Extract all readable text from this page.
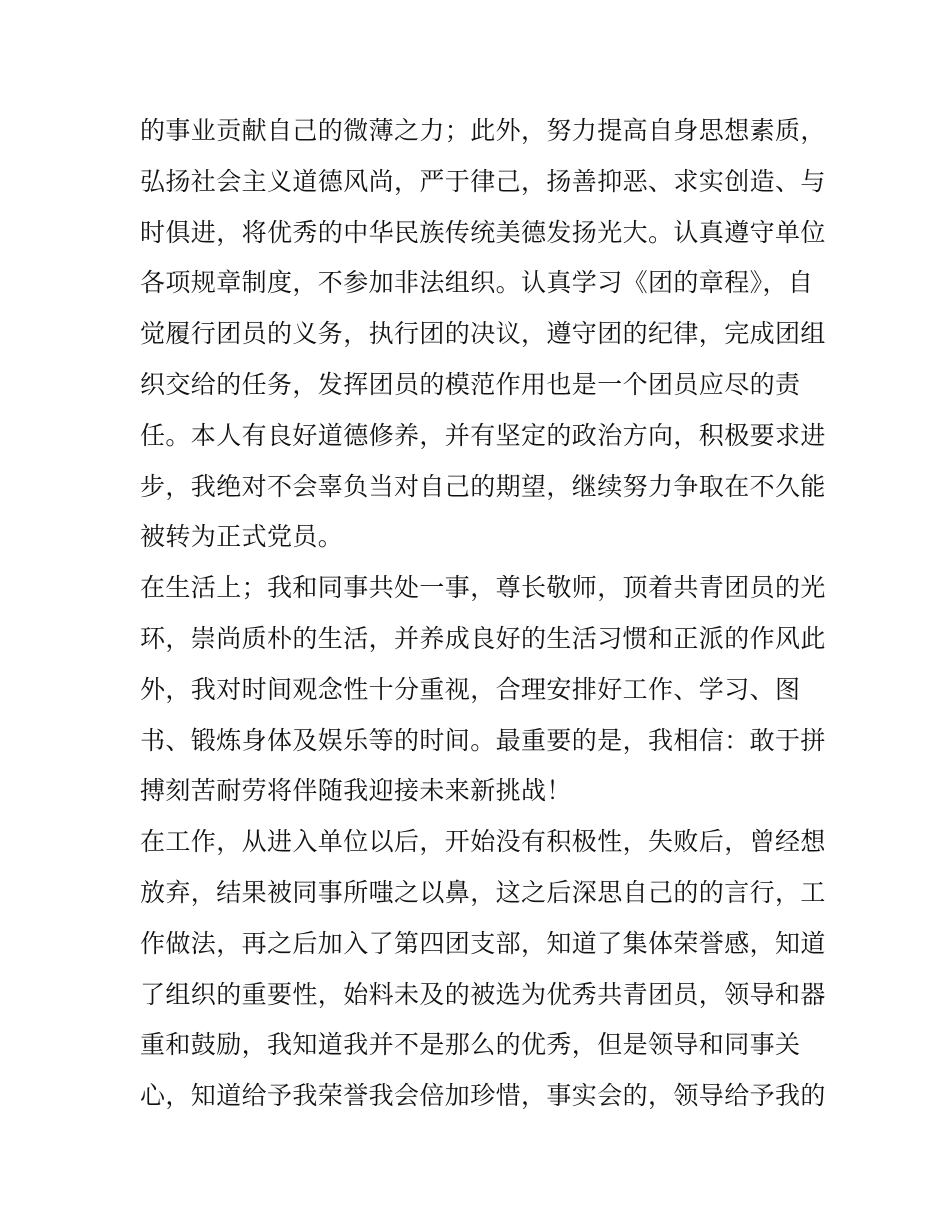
的事业贡献自己的微薄之力；此外，努力提高自身思想素质，
弘扬社会主义道德风尚，严于律己，扬善抑恶、求实创造、与
时俱进，将优秀的中华民族传统美德发扬光大。认真遵守单位
各项规章制度，不参加非法组织。认真学习《团的章程》，自
觉履行团员的义务，执行团的决议，遵守团的纪律，完成团组
织交给的任务，发挥团员的模范作用也是一个团员应尽的责
任。本人有良好道德修养，并有坚定的政治方向，积极要求进
步，我绝对不会辜负当对自己的期望，继续努力争取在不久能
被转为正式党员。
在生活上；我和同事共处一事，尊长敬师，顶着共青团员的光
环，崇尚质朴的生活，并养成良好的生活习惯和正派的作风此
外，我对时间观念性十分重视，合理安排好工作、学习、图
书、锻炼身体及娱乐等的时间。最重要的是，我相信：敢于拼
搏刻苦耐劳将伴随我迎接未来新挑战！
在工作，从进入单位以后，开始没有积极性，失败后，曾经想
放弃，结果被同事所嗤之以鼻，这之后深思自己的的言行，工
作做法，再之后加入了第四团支部，知道了集体荣誉感，知道
了组织的重要性，始料未及的被选为优秀共青团员，领导和器
重和鼓励，我知道我并不是那么的优秀，但是领导和同事关
心，知道给予我荣誉我会倍加珍惜，事实会的，领导给予我的
